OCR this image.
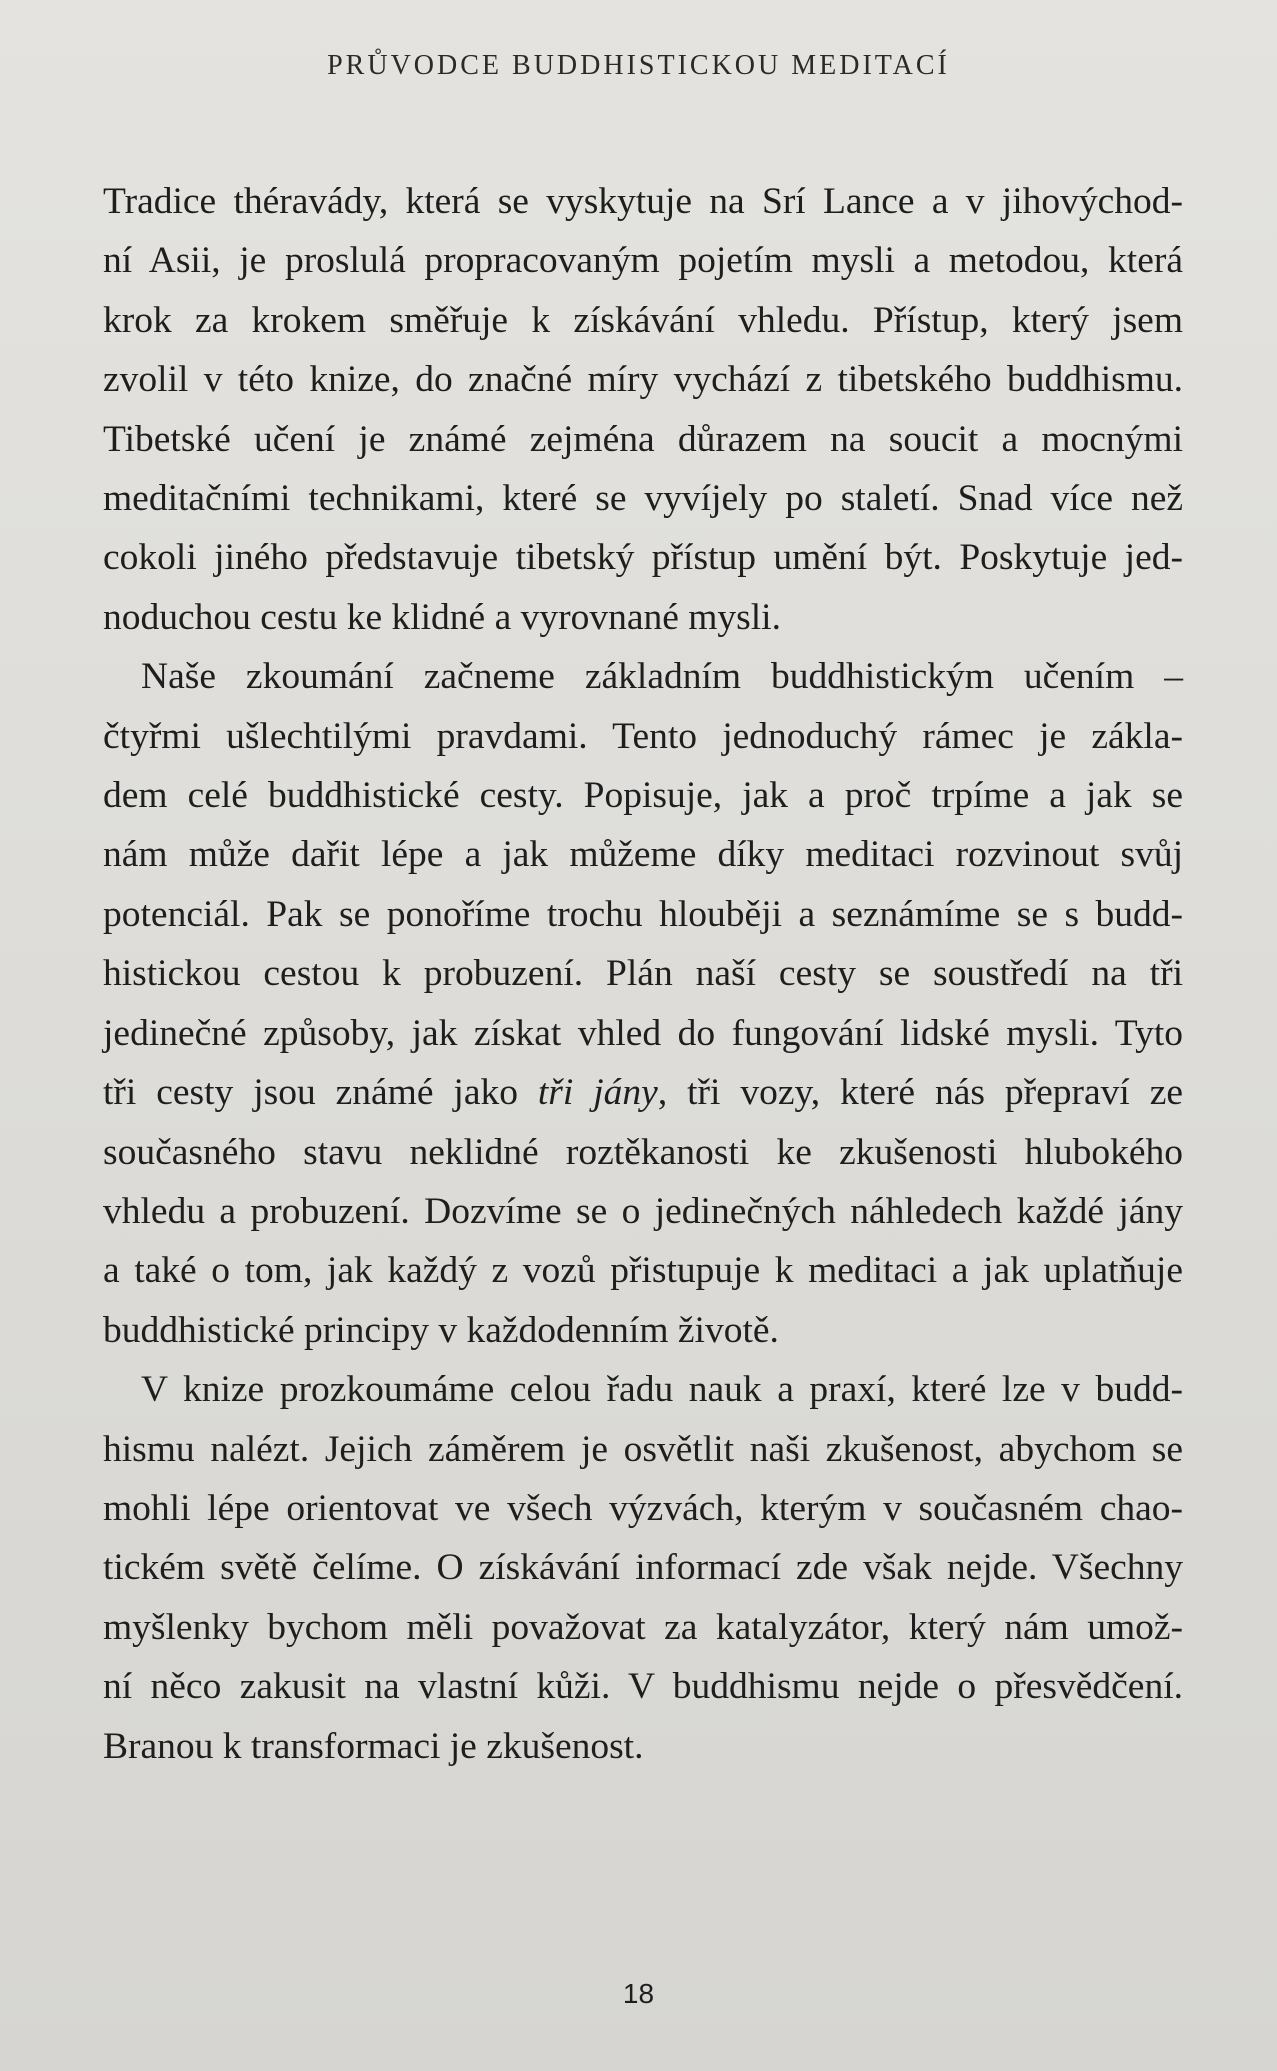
PRŮVODCE BUDDHISTICKOU MEDITACÍ
Tradice théravády, která se vyskytuje na Srí Lance a v jihovýchod-
ní Asii, je proslulá propracovaným pojetím mysli a metodou, která
krok za krokem směřuje k získávání vhledu. Přístup, který jsem
zvolil v této knize, do značné míry vychází z tibetského buddhismu.
Tibetské učení je známé zejména důrazem na soucit a mocnými
meditačními technikami, které se vyvíjely po staletí. Snad více než
cokoli jiného představuje tibetský přístup umění být. Poskytuje jed-
noduchou cestu ke klidné a vyrovnané mysli.
Naše zkoumání začneme základním buddhistickým učením –
čtyřmi ušlechtilými pravdami. Tento jednoduchý rámec je zákla-
dem celé buddhistické cesty. Popisuje, jak a proč trpíme a jak se
nám může dařit lépe a jak můžeme díky meditaci rozvinout svůj
potenciál. Pak se ponoříme trochu hlouběji a seznámíme se s budd-
histickou cestou k probuzení. Plán naší cesty se soustředí na tři
jedinečné způsoby, jak získat vhled do fungování lidské mysli. Tyto
tři cesty jsou známé jako tři jány, tři vozy, které nás přepraví ze
současného stavu neklidné roztěkanosti ke zkušenosti hlubokého
vhledu a probuzení. Dozvíme se o jedinečných náhledech každé jány
a také o tom, jak každý z vozů přistupuje k meditaci a jak uplatňuje
buddhistické principy v každodenním životě.
V knize prozkoumáme celou řadu nauk a praxí, které lze v budd-
hismu nalézt. Jejich záměrem je osvětlit naši zkušenost, abychom se
mohli lépe orientovat ve všech výzvách, kterým v současném chao-
tickém světě čelíme. O získávání informací zde však nejde. Všechny
myšlenky bychom měli považovat za katalyzátor, který nám umož-
ní něco zakusit na vlastní kůži. V buddhismu nejde o přesvědčení.
Branou k transformaci je zkušenost.
18
